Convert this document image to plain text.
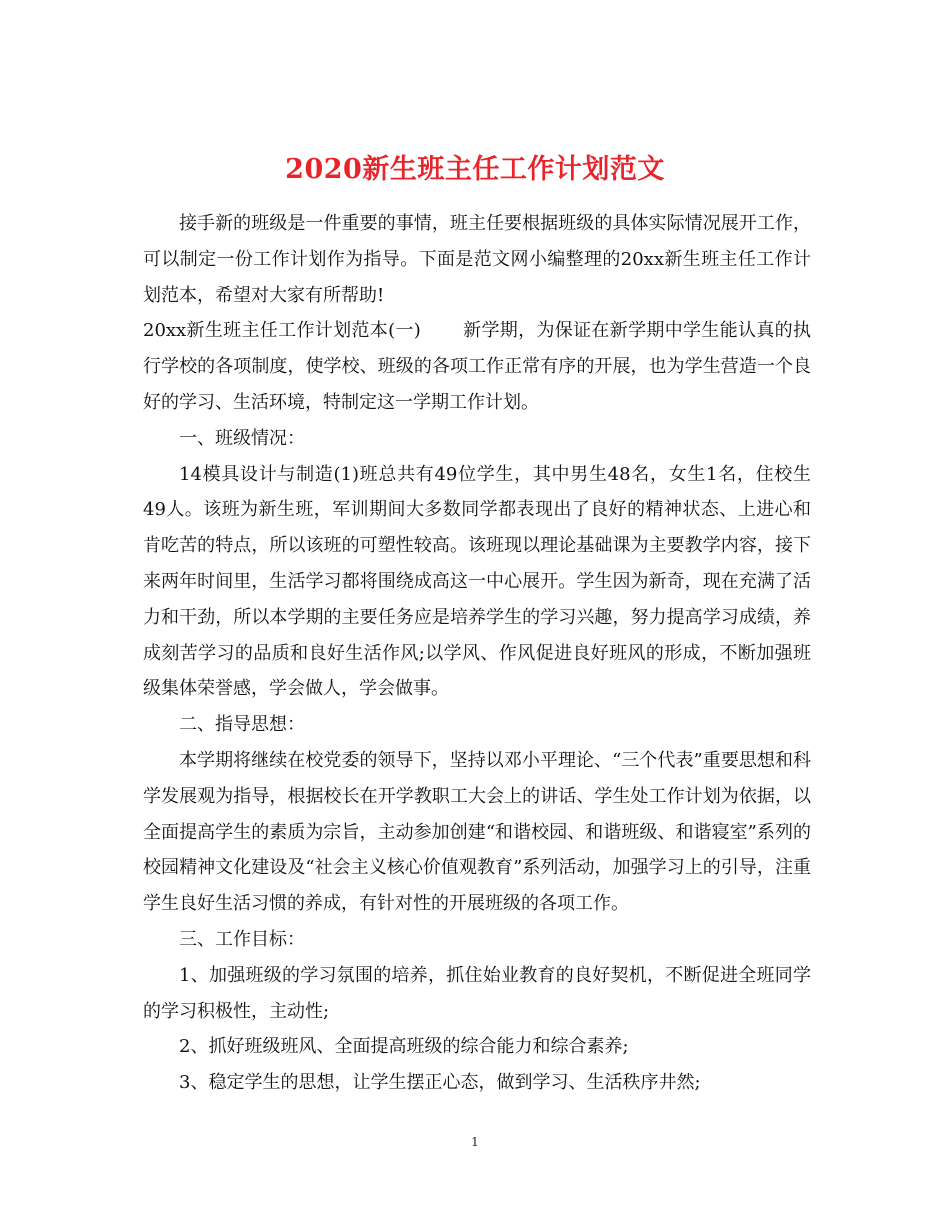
2020新生班主任工作计划范文

接手新的班级是一件重要的事情，班主任要根据班级的具体实际情况展开工作，可以制定一份工作计划作为指导。下面是范文网小编整理的20xx新生班主任工作计划范本，希望对大家有所帮助!

20xx新生班主任工作计划范本(一) 新学期，为保证在新学期中学生能认真的执行学校的各项制度，使学校、班级的各项工作正常有序的开展，也为学生营造一个良好的学习、生活环境，特制定这一学期工作计划。

一、班级情况：

14模具设计与制造(1)班总共有49位学生，其中男生48名，女生1名，住校生49人。该班为新生班，军训期间大多数同学都表现出了良好的精神状态、上进心和肯吃苦的特点，所以该班的可塑性较高。该班现以理论基础课为主要教学内容，接下来两年时间里，生活学习都将围绕成高这一中心展开。学生因为新奇，现在充满了活力和干劲，所以本学期的主要任务应是培养学生的学习兴趣，努力提高学习成绩，养成刻苦学习的品质和良好生活作风;以学风、作风促进良好班风的形成，不断加强班级集体荣誉感，学会做人，学会做事。

二、指导思想：

本学期将继续在校党委的领导下，坚持以邓小平理论、“三个代表”重要思想和科学发展观为指导，根据校长在开学教职工大会上的讲话、学生处工作计划为依据，以全面提高学生的素质为宗旨，主动参加创建“和谐校园、和谐班级、和谐寝室”系列的校园精神文化建设及“社会主义核心价值观教育”系列活动，加强学习上的引导，注重学生良好生活习惯的养成，有针对性的开展班级的各项工作。

三、工作目标：

1、加强班级的学习氛围的培养，抓住始业教育的良好契机，不断促进全班同学的学习积极性，主动性;

2、抓好班级班风、全面提高班级的综合能力和综合素养;

3、稳定学生的思想，让学生摆正心态，做到学习、生活秩序井然;

1
